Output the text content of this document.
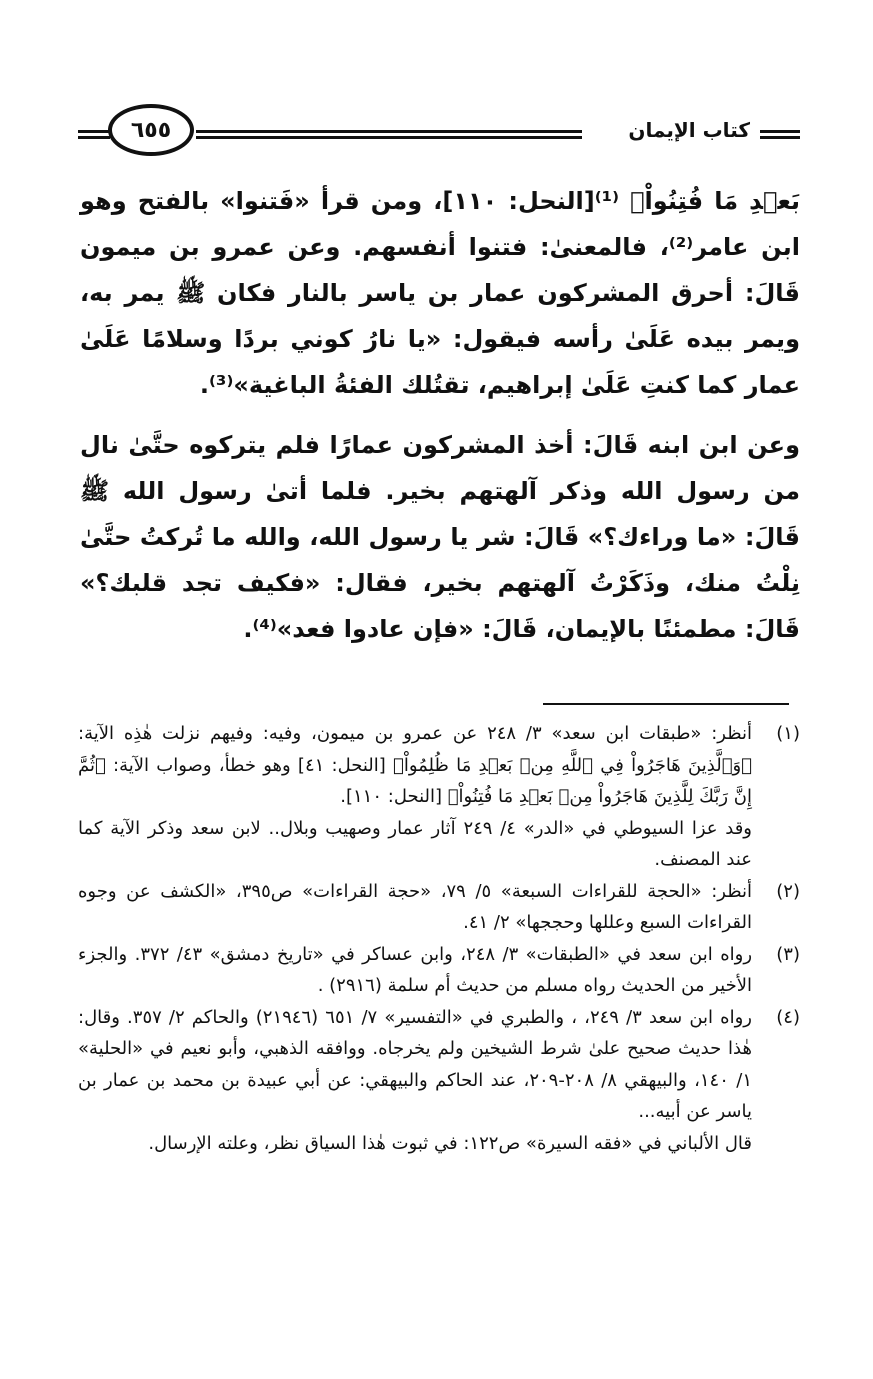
كتاب الإيمان
٦٥٥

بَعۡدِ مَا فُتِنُواْ﴾ ⁽¹⁾[النحل: ١١٠]، ومن قرأ «فَتنوا» بالفتح وهو ابن عامر⁽²⁾، فالمعنىٰ: فتنوا أنفسهم. وعن عمرو بن ميمون قَالَ: أحرق المشركون عمار بن ياسر بالنار فكان ﷺ يمر به، ويمر بيده عَلَىٰ رأسه فيقول: «يا نارُ كوني بردًا وسلامًا عَلَىٰ عمار كما كنتِ عَلَىٰ إبراهيم، تقتُلك الفئةُ الباغية»⁽³⁾.

وعن ابن ابنه قَالَ: أخذ المشركون عمارًا فلم يتركوه حتَّىٰ نال من رسول الله وذكر آلهتهم بخير. فلما أتىٰ رسول الله ﷺ قَالَ: «ما وراءك؟» قَالَ: شر يا رسول الله، والله ما تُركتُ حتَّىٰ نِلْتُ منك، وذَكَرْتُ آلهتهم بخير، فقال: «فكيف تجد قلبك؟» قَالَ: مطمئنًا بالإيمان، قَالَ: «فإن عادوا فعد»⁽⁴⁾.

(١)
أنظر: «طبقات ابن سعد» ٣/ ٢٤٨ عن عمرو بن ميمون، وفيه: وفيهم نزلت هٰذِه الآية: ﴿وَٱلَّذِينَ هَاجَرُواْ فِي ٱللَّهِ مِنۢ بَعۡدِ مَا ظُلِمُواْ﴾ [النحل: ٤١] وهو خطأ، وصواب الآية: ﴿ثُمَّ إِنَّ رَبَّكَ لِلَّذِينَ هَاجَرُواْ مِنۢ بَعۡدِ مَا فُتِنُواْ﴾ [النحل: ١١٠].
وقد عزا السيوطي في «الدر» ٤/ ٢٤٩ آثار عمار وصهيب وبلال.. لابن سعد وذكر الآية كما عند المصنف.
(٢)
أنظر: «الحجة للقراءات السبعة» ٥/ ٧٩، «حجة القراءات» ص٣٩٥، «الكشف عن وجوه القراءات السبع وعللها وحججها» ٢/ ٤١.
(٣)
رواه ابن سعد في «الطبقات» ٣/ ٢٤٨، وابن عساكر في «تاريخ دمشق» ٤٣/ ٣٧٢. والجزء الأخير من الحديث رواه مسلم من حديث أم سلمة (٢٩١٦) .
(٤)
رواه ابن سعد ٣/ ٢٤٩، ، والطبري في «التفسير» ٧/ ٦٥١ (٢١٩٤٦) والحاكم ٢/ ٣٥٧. وقال: هٰذا حديث صحيح علىٰ شرط الشيخين ولم يخرجاه. ووافقه الذهبي، وأبو نعيم في «الحلية» ١/ ١٤٠، والبيهقي ٨/ ٢٠٨-٢٠٩، عند الحاكم والبيهقي: عن أبي عبيدة بن محمد بن عمار بن ياسر عن أبيه...
قال الألباني في «فقه السيرة» ص١٢٢: في ثبوت هٰذا السياق نظر، وعلته الإرسال.
